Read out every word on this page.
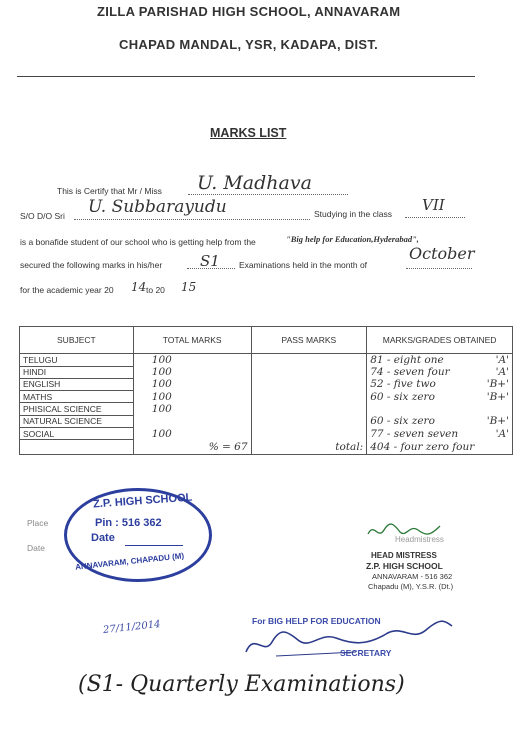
ZILLA PARISHAD HIGH SCHOOL, ANNAVARAM
CHAPAD MANDAL, YSR, KADAPA, DIST.
MARKS LIST
This is Certify that Mr / Miss U. Madhava
S/O D/O Sri U. Subbarayudu	Studying in the class VII
is a bonafide student of our school who is getting help from the	"Big help for Education,Hyderabad",
secured the following marks in his/her	S1 Examinations held in the month of
October
for the academic year 20 14 to 20 15
SUBJECT	TOTAL MARKS	PASS MARKS	MARKS/GRADES OBTAINED
TELUGU	100		81 - eight one 'A'

HINDI	100		74 - seven four 'A'

ENGLISH	100		52 - five two 'B+'

MATHS	100		60 - six zero 'B+'

PHISICAL SCIENCE	100		

NATURAL SCIENCE			60 - six zero 'B+'

SOCIAL	100		77 - seven seven 'A'

	% = 67	total:	404 - four zero four
Place
Date
Z.P. HIGH SCHOOL
Pin : 516 362
Date
ANNAVARAM, CHAPADU (M)
Headmistress
HEAD MISTRESS
Z.P. HIGH SCHOOL
ANNAVARAM - 516 362
Chapadu (M), Y.S.R. (Dt.)
27/11/2014	For BIG HELP FOR EDUCATION
SECRETARY
(S1- Quarterly Examinations)
